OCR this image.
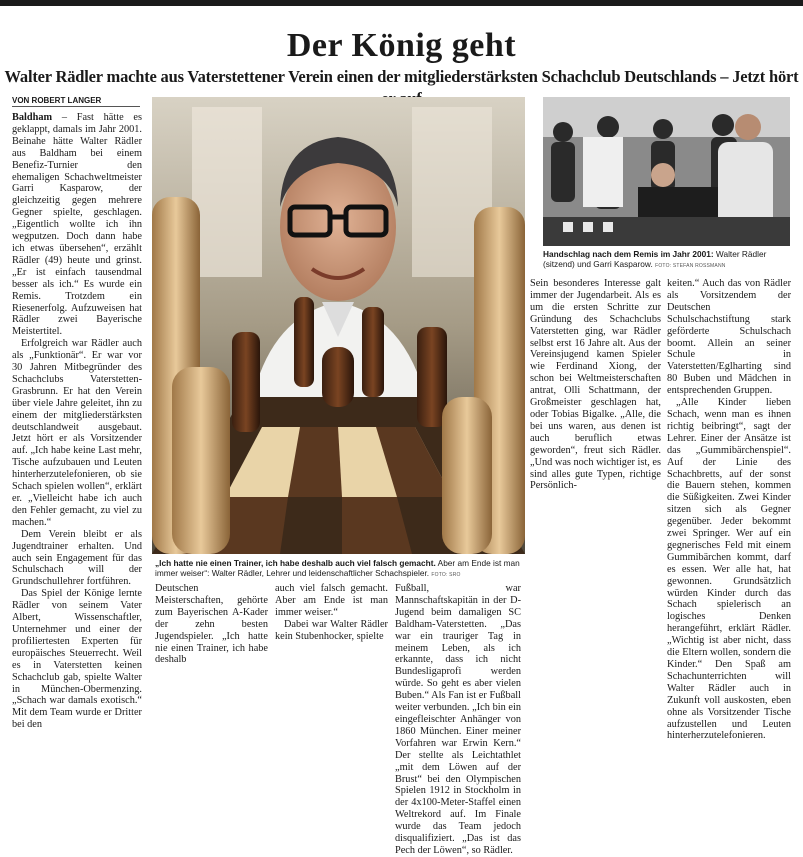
Der König geht
Walter Rädler machte aus Vaterstettener Verein einen der mitgliederstärksten Schachclub Deutschlands – Jetzt hört
VON ROBERT LANGER

Baldham – Fast hätte es geklappt, damals im Jahr 2001. Beinahe hätte Walter Rädler aus Baldham bei einem Benefiz-Turnier den ehemaligen Schachweltmeister Garri Kasparow, der gleichzeitig gegen mehrere Gegner spielte, geschlagen. „Eigentlich wollte ich ihn wegputzen. Doch dann habe ich etwas übersehen“, erzählt Rädler (49) heute und grinst. „Er ist einfach tausendmal besser als ich.“ Es wurde ein Remis. Trotzdem ein Riesenerfolg. Aufzuweisen hat Rädler zwei Bayerische Meistertitel.

Erfolgreich war Rädler auch als „Funktionär“. Er war vor 30 Jahren Mitbegründer des Schachclubs Vaterstetten-Grasbrunn. Er hat den Verein über viele Jahre geleitet, ihn zu einem der mitgliederstärksten deutschlandweit ausgebaut. Jetzt hört er als Vorsitzender auf. „Ich habe keine Last mehr, Tische aufzubauen und Leuten hinterherzutelefonieren, ob sie Schach spielen wollen“, erklärt er. „Vielleicht habe ich auch den Fehler gemacht, zu viel zu machen.“

Dem Verein bleibt er als Jugendtrainer erhalten. Und auch sein Engagement für das Schulschach will der Grundschullehrer fortführen.

Das Spiel der Könige lernte Rädler von seinem Vater Albert, Wissenschaftler, Unternehmer und einer der profiliertesten Experten für europäisches Steuerrecht. Weil es in Vaterstetten keinen Schachclub gab, spielte Walter in München-Obermenzing. „Schach war damals exotisch.“ Mit dem Team wurde er Dritter bei den

„Ich hatte nie einen Trainer, ich habe deshalb auch viel falsch gemacht. Aber am Ende ist man immer weiser“: Walter Rädler, Lehrer und leidenschaftlicher Schachspieler. FOTO: SRO

Deutschen Meisterschaften, gehörte zum Bayerischen A-Kader der zehn besten Jugendspieler. „Ich hatte nie einen Trainer, ich habe deshalb

auch viel falsch gemacht. Aber am Ende ist man immer weiser.“

Dabei war Walter Rädler kein Stubenhocker, spielte

Fußball, war Mannschaftskapitän in der D-Jugend beim damaligen SC Baldham-Vaterstetten. „Das war ein trauriger Tag in meinem Leben, als ich erkannte, dass ich nicht Bundesligaprofi werden würde. So geht es aber vielen Buben.“ Als Fan ist er Fußball weiter verbunden. „Ich bin ein eingefleischter Anhänger von 1860 München. Einer meiner Vorfahren war Erwin Kern.“ Der stellte als Leichtathlet „mit dem Löwen auf der Brust“ bei den Olympischen Spielen 1912 in Stockholm in der 4x100-Meter-Staffel einen Weltrekord auf. Im Finale wurde das Team jedoch disqualifiziert. „Das ist das Pech der Löwen“, so Rädler.

Handschlag nach dem Remis im Jahr 2001: Walter Rädler (sitzend) und Garri Kasparow. FOTO: STEFAN ROSSMANN

Sein besonderes Interesse galt immer der Jugendarbeit. Als es um die ersten Schritte zur Gründung des Schachclubs Vaterstetten ging, war Rädler selbst erst 16 Jahre alt. Aus der Vereinsjugend kamen Spieler wie Ferdinand Xiong, der schon bei Weltmeisterschaften antrat, Olli Schattmann, der Großmeister geschlagen hat, oder Tobias Bigalke. „Alle, die bei uns waren, aus denen ist auch beruflich etwas geworden“, freut sich Rädler. „Und was noch wichtiger ist, es sind alles gute Typen, richtige Persönlich-

keiten.“ Auch das von Rädler als Vorsitzendem der Deutschen Schulschachstiftung stark geförderte Schulschach boomt. Allein an seiner Schule in Vaterstetten/Eglharting sind 80 Buben und Mädchen in entsprechenden Gruppen.

„Alle Kinder lieben Schach, wenn man es ihnen richtig beibringt“, sagt der Lehrer. Einer der Ansätze ist das „Gummibärchenspiel“. Auf der Linie des Schachbretts, auf der sonst die Bauern stehen, kommen die Süßigkeiten. Zwei Kinder sitzen sich als Gegner gegenüber. Jeder bekommt zwei Springer. Wer auf ein gegnerisches Feld mit einem Gummibärchen kommt, darf es essen. Wer alle hat, hat gewonnen. Grundsätzlich würden Kinder durch das Schach spielerisch an logisches Denken herangeführt, erklärt Rädler. „Wichtig ist aber nicht, dass die Eltern wollen, sondern die Kinder.“ Den Spaß am Schachunterrichten will Walter Rädler auch in Zukunft voll auskosten, eben ohne als Vorsitzender Tische aufzustellen und Leuten hinterherzutelefonieren.
